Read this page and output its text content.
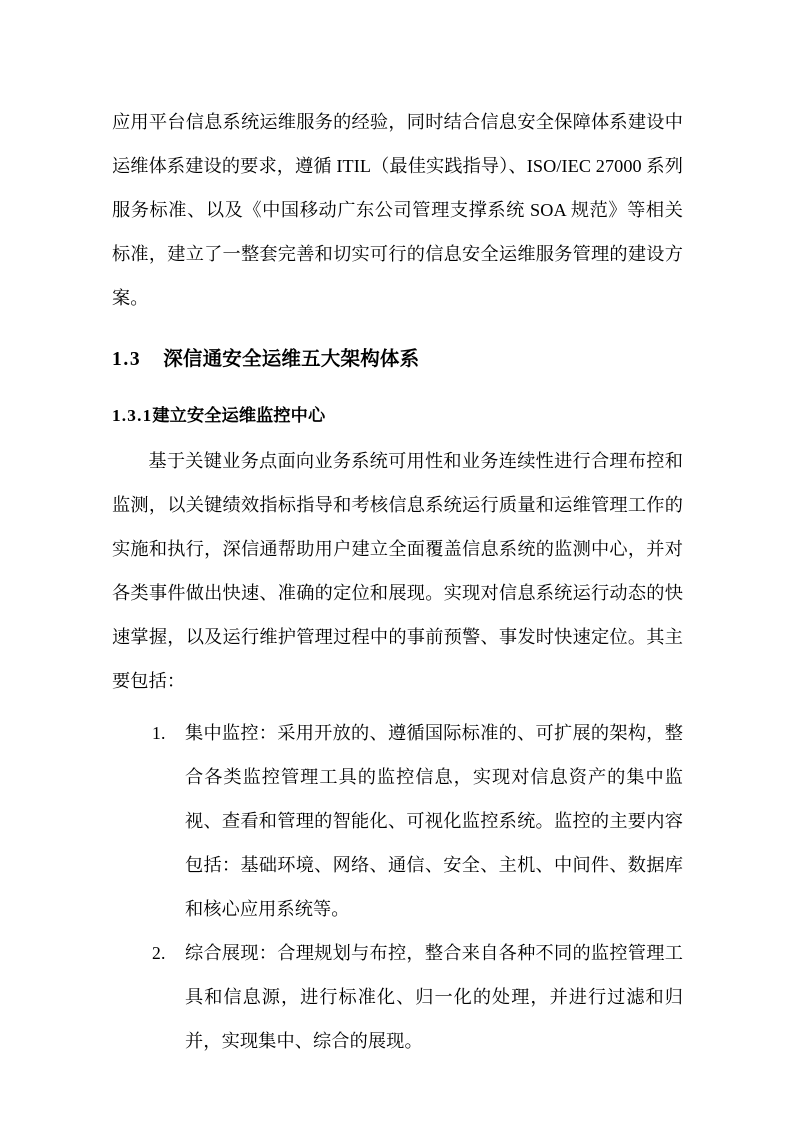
应用平台信息系统运维服务的经验，同时结合信息安全保障体系建设中运维体系建设的要求，遵循 ITIL（最佳实践指导）、ISO/IEC 27000 系列服务标准、以及《中国移动广东公司管理支撑系统 SOA 规范》等相关标准，建立了一整套完善和切实可行的信息安全运维服务管理的建设方案。

1.3 深信通安全运维五大架构体系
1.3.1建立安全运维监控中心

基于关键业务点面向业务系统可用性和业务连续性进行合理布控和监测，以关键绩效指标指导和考核信息系统运行质量和运维管理工作的实施和执行，深信通帮助用户建立全面覆盖信息系统的监测中心，并对各类事件做出快速、准确的定位和展现。实现对信息系统运行动态的快速掌握，以及运行维护管理过程中的事前预警、事发时快速定位。其主要包括：

1.	集中监控：采用开放的、遵循国际标准的、可扩展的架构，整合各类监控管理工具的监控信息，实现对信息资产的集中监视、查看和管理的智能化、可视化监控系统。监控的主要内容包括：基础环境、网络、通信、安全、主机、中间件、数据库和核心应用系统等。
2.	综合展现：合理规划与布控，整合来自各种不同的监控管理工具和信息源，进行标准化、归一化的处理，并进行过滤和归并，实现集中、综合的展现。
